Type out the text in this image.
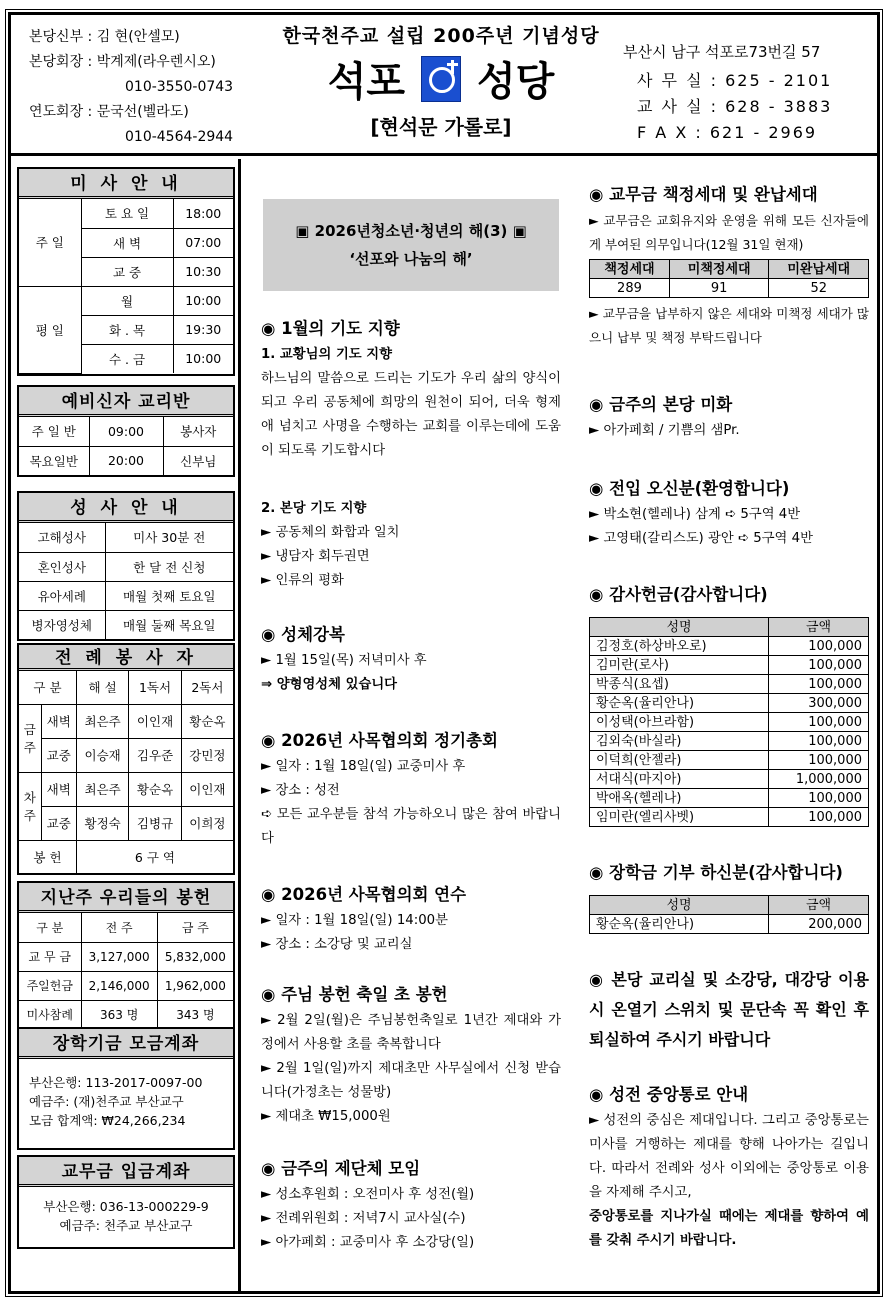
본당신부 : 김 현(안셀모)
본당회장 : 박계제(라우렌시오)
010-3550-0743
연도회장 : 문국선(벨라도)
010-4564-2944
한국천주교 설립 200주년 기념성당
석포 성당
[현석문 가롤로]
부산시 남구 석포로73번길 57
사 무 실 : 625 - 2101
교 사 실 : 628 - 3883
F A X : 621 - 2969
미 사 안 내
주 일	토 요 일	18:00
	새 벽	07:00
	교 중	10:30
평 일	월	10:00
	화 . 목	19:30
	수 . 금	10:00
예비신자 교리반
주 일 반	09:00	봉사자
목요일반	20:00	신부님
성 사 안 내
고해성사	미사 30분 전
혼인성사	한 달 전 신청
유아세례	매월 첫째 토요일
병자영성체	매월 둘째 목요일
전 례 봉 사 자
구 분		해 설	1독서	2독서
금주	새벽	최은주	이인재	황순옥
	교중	이승재	김우준	강민정
차주	새벽	최은주	황순옥	이인재
	교중	황정숙	김병규	이희정
봉 헌		6 구 역		
지난주 우리들의 봉헌
구 분	전 주	금 주
교 무 금	3,127,000	5,832,000
주일헌금	2,146,000	1,962,000
미사참례	363 명	343 명
장학기금 모금계좌
부산은행: 113-2017-0097-00
예금주: (재)천주교 부산교구
모금 합계액: ₩24,266,234
교무금 입금계좌
부산은행: 036-13-000229-9
예금주: 천주교 부산교구
▣ 2026년청소년·청년의 해(3) ▣
‘선포와 나눔의 해’
◉ 1월의 기도 지향
1. 교황님의 기도 지향

하느님의 말씀으로 드리는 기도가 우리 삶의 양식이 되고 우리 공동체에 희망의 원천이 되어, 더욱 형제애 넘치고 사명을 수행하는 교회를 이루는데에 도움이 되도록 기도합시다

2. 본당 기도 지향
► 공동체의 화합과 일치
► 냉담자 회두권면
► 인류의 평화
◉ 성체강복
► 1월 15일(목) 저녁미사 후
⇒ 양형영성체 있습니다
◉ 2026년 사목협의회 정기총회
► 일자 : 1월 18일(일) 교중미사 후
► 장소 : 성전

➪ 모든 교우분들 참석 가능하오니 많은 참여 바랍니다

◉ 2026년 사목협의회 연수
► 일자 : 1월 18일(일) 14:00분
► 장소 : 소강당 및 교리실
◉ 주님 봉헌 축일 초 봉헌

► 2월 2일(월)은 주님봉헌축일로 1년간 제대와 가정에서 사용할 초를 축복합니다

► 2월 1일(일)까지 제대초만 사무실에서 신청 받습니다(가정초는 성물방)

► 제대초 ₩15,000원
◉ 금주의 제단체 모임
► 성소후원회 : 오전미사 후 성전(월)
► 전례위원회 : 저녁7시 교사실(수)
► 아가페회 : 교중미사 후 소강당(일)
◉ 교무금 책정세대 및 완납세대

► 교무금은 교회유지와 운영을 위해 모든 신자들에게 부여된 의무입니다(12월 31일 현재)

책정세대	미책정세대	미완납세대
289	91	52

► 교무금을 납부하지 않은 세대와 미책정 세대가 많으니 납부 및 책정 부탁드립니다

◉ 금주의 본당 미화
► 아가페회 / 기쁨의 샘Pr.
◉ 전입 오신분(환영합니다)
► 박소현(헬레나) 삼계 ➪ 5구역 4반
► 고영태(갈리스도) 광안 ➪ 5구역 4반
◉ 감사헌금(감사합니다)
성명	금액
김정호(하상바오로)	100,000
김미란(로사)	100,000
박종식(요셉)	100,000
황순옥(율리안나)	300,000
이성택(아브라함)	100,000
김외숙(바실라)	100,000
이덕희(안젤라)	100,000
서대식(마지아)	1,000,000
박애옥(헬레나)	100,000
임미란(엘리사벳)	100,000
◉ 장학금 기부 하신분(감사합니다)
성명	금액
황순옥(율리안나)	200,000

◉ 본당 교리실 및 소강당, 대강당 이용시 온열기 스위치 및 문단속 꼭 확인 후 퇴실하여 주시기 바랍니다

◉ 성전 중앙통로 안내

► 성전의 중심은 제대입니다. 그리고 중앙통로는 미사를 거행하는 제대를 향해 나아가는 길입니다. 따라서 전례와 성사 이외에는 중앙통로 이용을 자제해 주시고,

중앙통로를 지나가실 때에는 제대를 향하여 예를 갖춰 주시기 바랍니다.
